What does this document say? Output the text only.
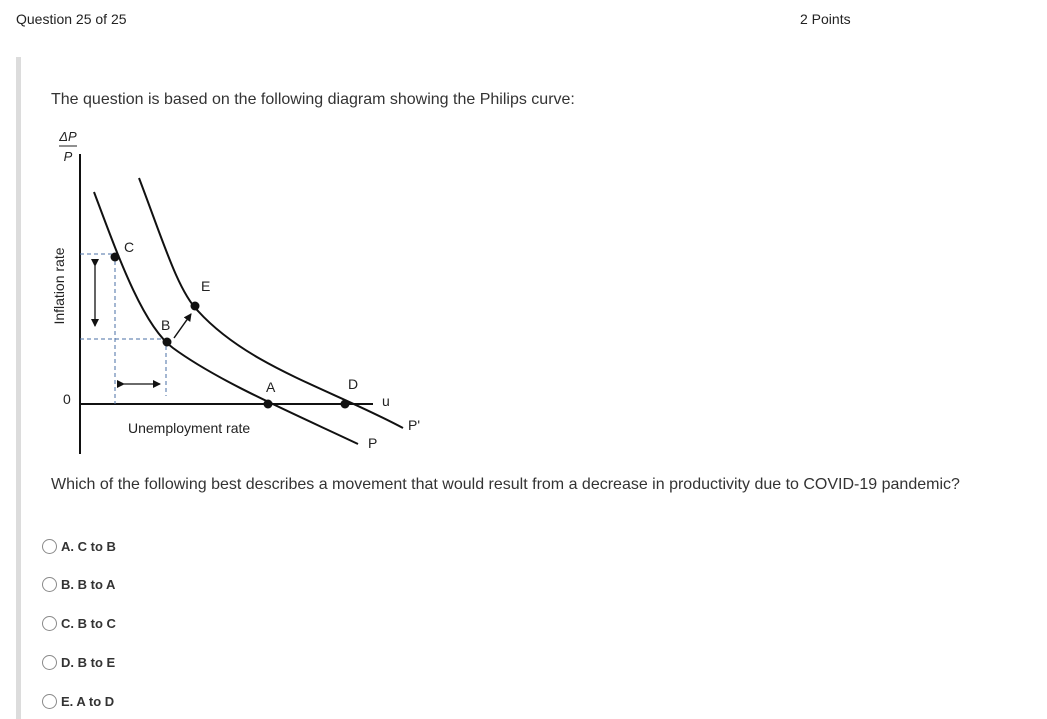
Question 25 of 25	2 Points
The question is based on the following diagram showing the Philips curve:
ΔP
P
Inflation rate
0	u
Unemployment rate
P
P'
C
B
E
A	D
Which of the following best describes a movement that would result from a decrease in productivity due to COVID-19 pandemic?
A. C to B
B. B to A
C. B to C
D. B to E
E. A to D
